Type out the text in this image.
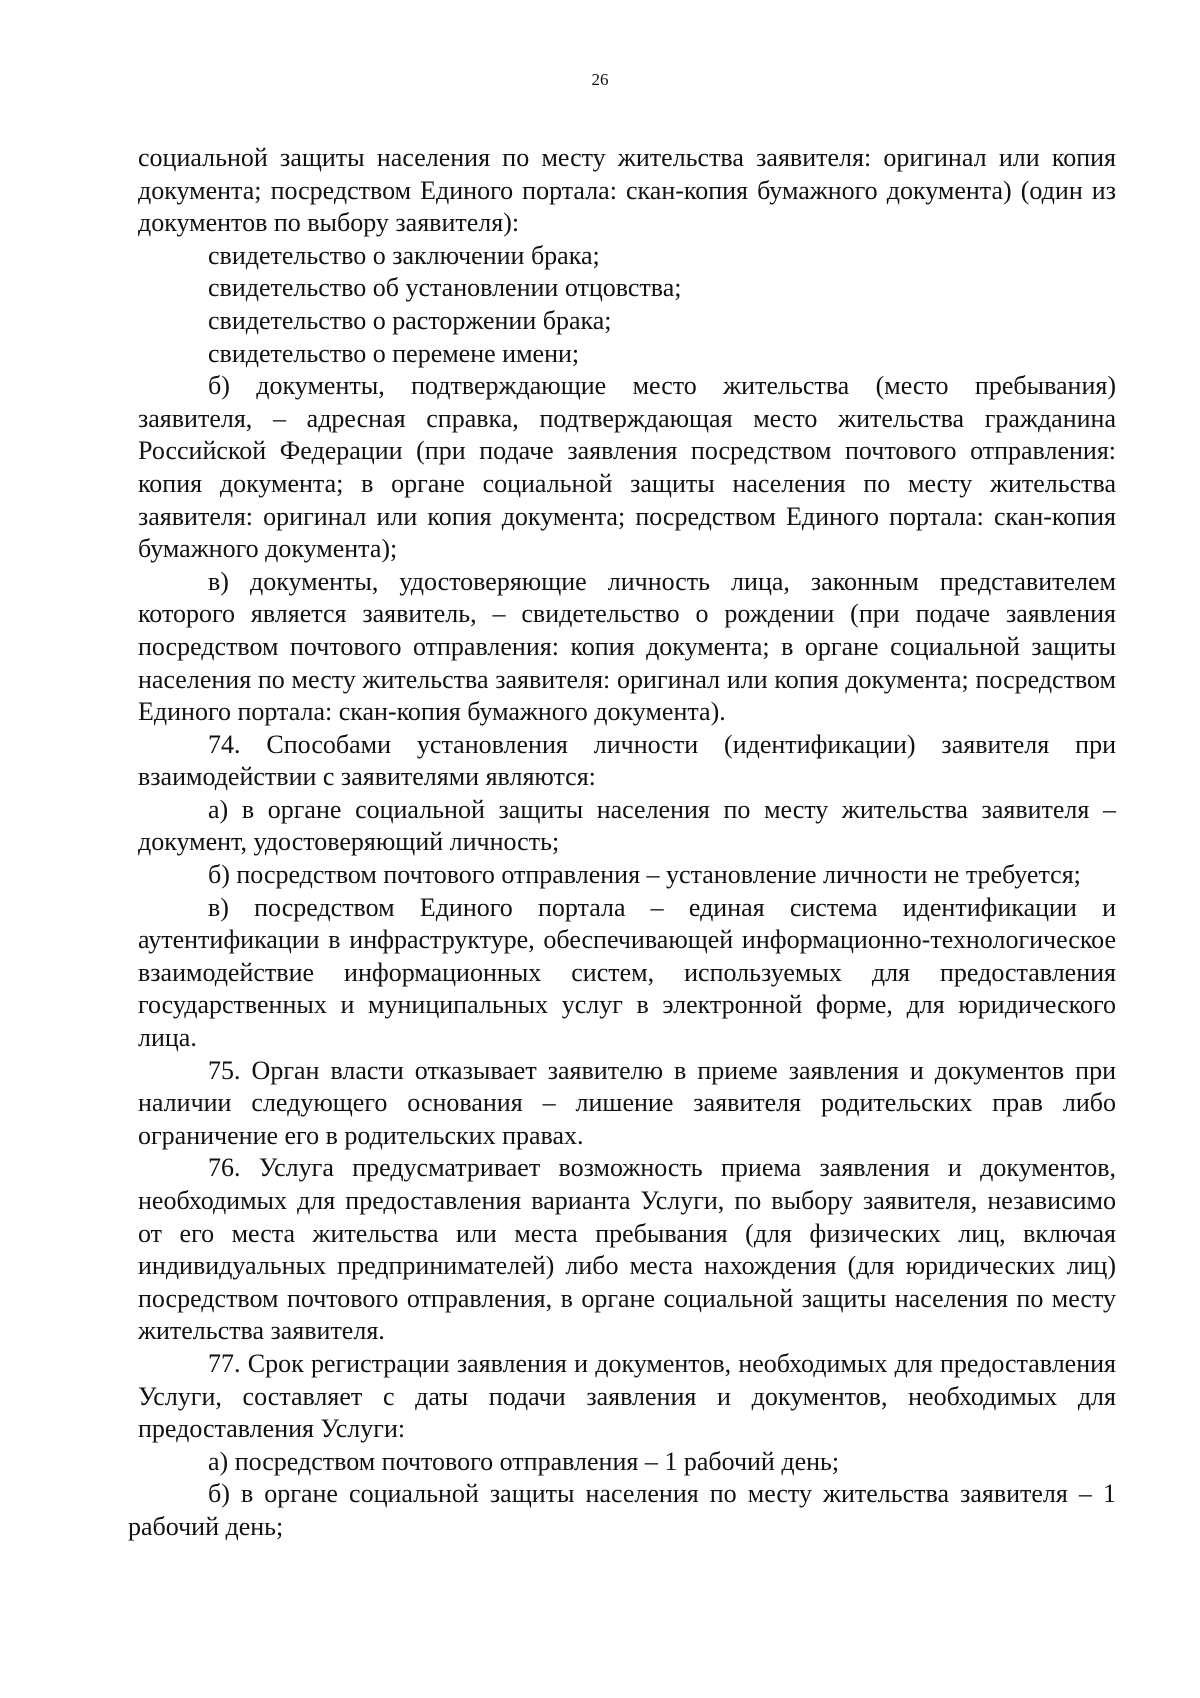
26

социальной защиты населения по месту жительства заявителя: оригинал или копия документа; посредством Единого портала: скан-копия бумажного документа) (один из документов по выбору заявителя):

свидетельство о заключении брака;

свидетельство об установлении отцовства;

свидетельство о расторжении брака;

свидетельство о перемене имени;

б) документы, подтверждающие место жительства (место пребывания) заявителя, – адресная справка, подтверждающая место жительства гражданина Российской Федерации (при подаче заявления посредством почтового отправления: копия документа; в органе социальной защиты населения по месту жительства заявителя: оригинал или копия документа; посредством Единого портала: скан-копия бумажного документа);

в) документы, удостоверяющие личность лица, законным представителем которого является заявитель, – свидетельство о рождении (при подаче заявления посредством почтового отправления: копия документа; в органе социальной защиты населения по месту жительства заявителя: оригинал или копия документа; посредством Единого портала: скан-копия бумажного документа).

74. Способами установления личности (идентификации) заявителя при взаимодействии с заявителями являются:

а) в органе социальной защиты населения по месту жительства заявителя – документ, удостоверяющий личность;

б) посредством почтового отправления – установление личности не требуется;

в) посредством Единого портала – единая система идентификации и аутентификации в инфраструктуре, обеспечивающей информационно-технологическое взаимодействие информационных систем, используемых для предоставления государственных и муниципальных услуг в электронной форме, для юридического лица.

75. Орган власти отказывает заявителю в приеме заявления и документов при наличии следующего основания – лишение заявителя родительских прав либо ограничение его в родительских правах.

76. Услуга предусматривает возможность приема заявления и документов, необходимых для предоставления варианта Услуги, по выбору заявителя, независимо от его места жительства или места пребывания (для физических лиц, включая индивидуальных предпринимателей) либо места нахождения (для юридических лиц) посредством почтового отправления, в органе социальной защиты населения по месту жительства заявителя.

77. Срок регистрации заявления и документов, необходимых для предоставления Услуги, составляет с даты подачи заявления и документов, необходимых для предоставления Услуги:

а) посредством почтового отправления – 1 рабочий день;

б) в органе социальной защиты населения по месту жительства заявителя – 1 рабочий день;
